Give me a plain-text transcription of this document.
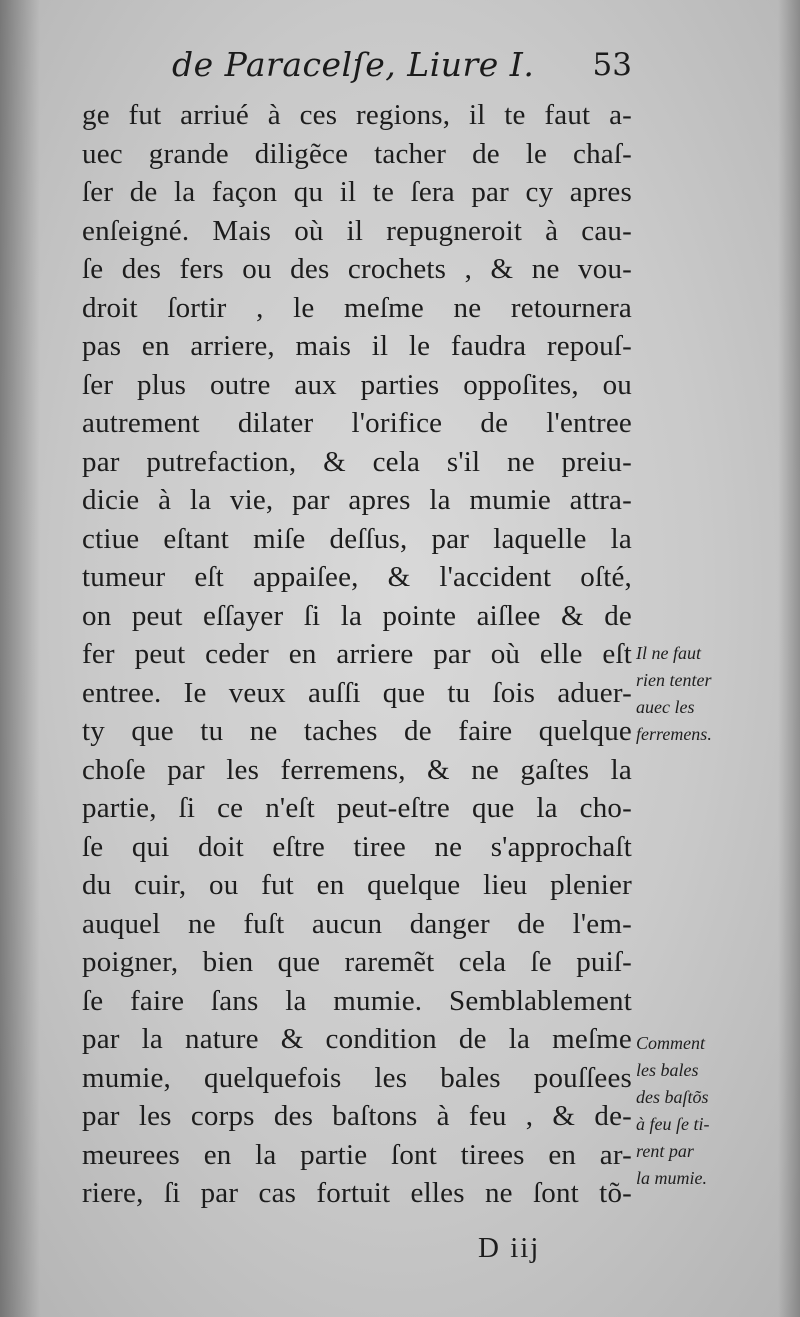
de Paracelſe, Liure I. 53
ge fut arriué à ces regions, il te faut a-
uec grande diligẽce tacher de le chaſ-
ſer de la façon qu il te ſera par cy apres
enſeigné. Mais où il repugneroit à cau-
ſe des fers ou des crochets , & ne vou-
droit ſortir , le meſme ne retournera
pas en arriere, mais il le faudra repouſ-
ſer plus outre aux parties oppoſites, ou
autrement dilater l'orifice de l'entree
par putrefaction, & cela s'il ne preiu-
dicie à la vie, par apres la mumie attra-
ctiue eſtant miſe deſſus, par laquelle la
tumeur eſt appaiſee, & l'accident oſté,
on peut eſſayer ſi la pointe aiſlee & de
fer peut ceder en arriere par où elle eſt
entree. Ie veux auſſi que tu ſois aduer-
ty que tu ne taches de faire quelque
choſe par les ferremens, & ne gaſtes la
partie, ſi ce n'eſt peut-eſtre que la cho-
ſe qui doit eſtre tiree ne s'approchaſt
du cuir, ou fut en quelque lieu plenier
auquel ne fuſt aucun danger de l'em-
poigner, bien que raremẽt cela ſe puiſ-
ſe faire ſans la mumie. Semblablement
par la nature & condition de la meſme
mumie, quelquefois les bales pouſſees
par les corps des baſtons à feu , & de-
meurees en la partie ſont tirees en ar-
riere, ſi par cas fortuit elles ne ſont tõ-
Il ne faut
rien tenter
auec les
ferremens.
Comment
les bales
des baſtõs
à feu ſe ti-
rent par
la mumie.
D iij
